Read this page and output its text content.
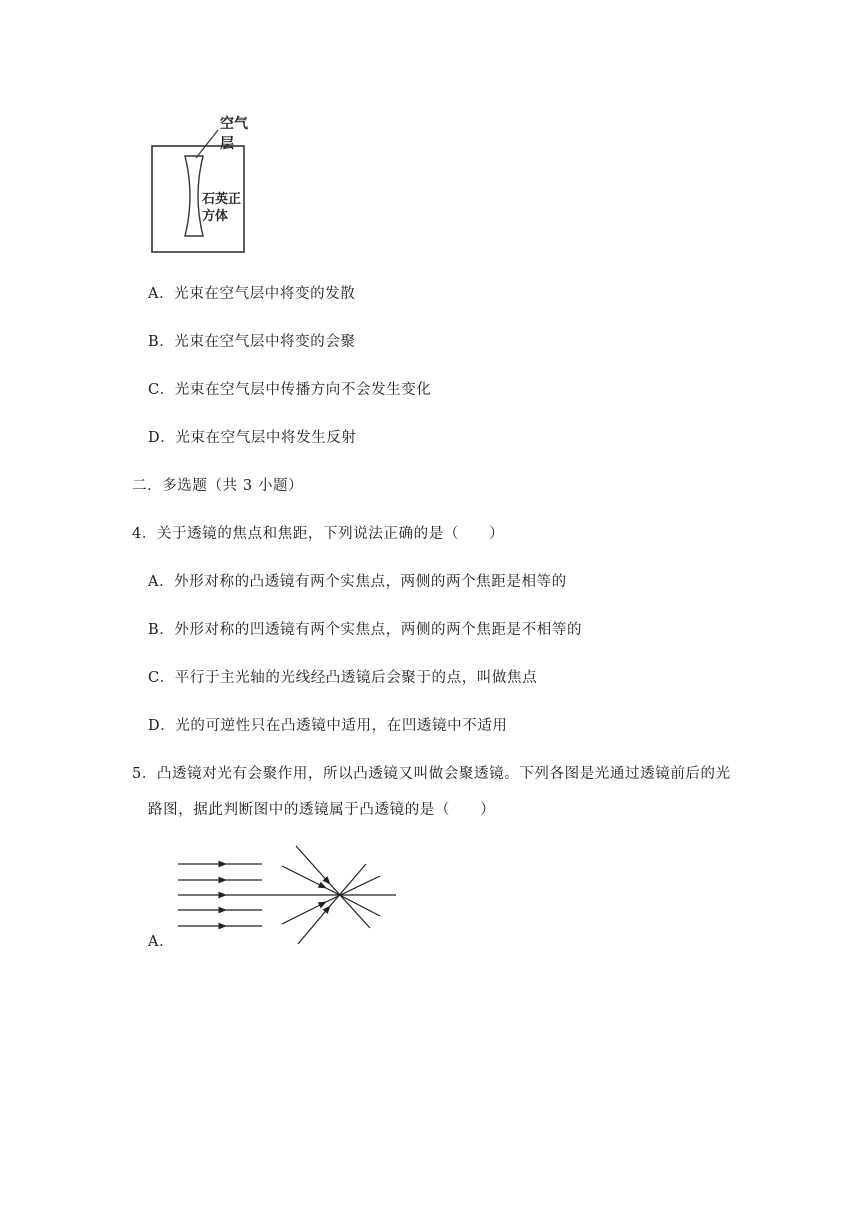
空气层
石英正
方体
A．光束在空气层中将变的发散
B．光束在空气层中将变的会聚
C．光束在空气层中传播方向不会发生变化
D．光束在空气层中将发生反射
二．多选题（共 3 小题）
4．关于透镜的焦点和焦距，下列说法正确的是（　　）
A．外形对称的凸透镜有两个实焦点，两侧的两个焦距是相等的
B．外形对称的凹透镜有两个实焦点，两侧的两个焦距是不相等的
C．平行于主光轴的光线经凸透镜后会聚于的点，叫做焦点
D．光的可逆性只在凸透镜中适用，在凹透镜中不适用
5．凸透镜对光有会聚作用，所以凸透镜又叫做会聚透镜。下列各图是光通过透镜前后的光
路图，据此判断图中的透镜属于凸透镜的是（　　）
A．
